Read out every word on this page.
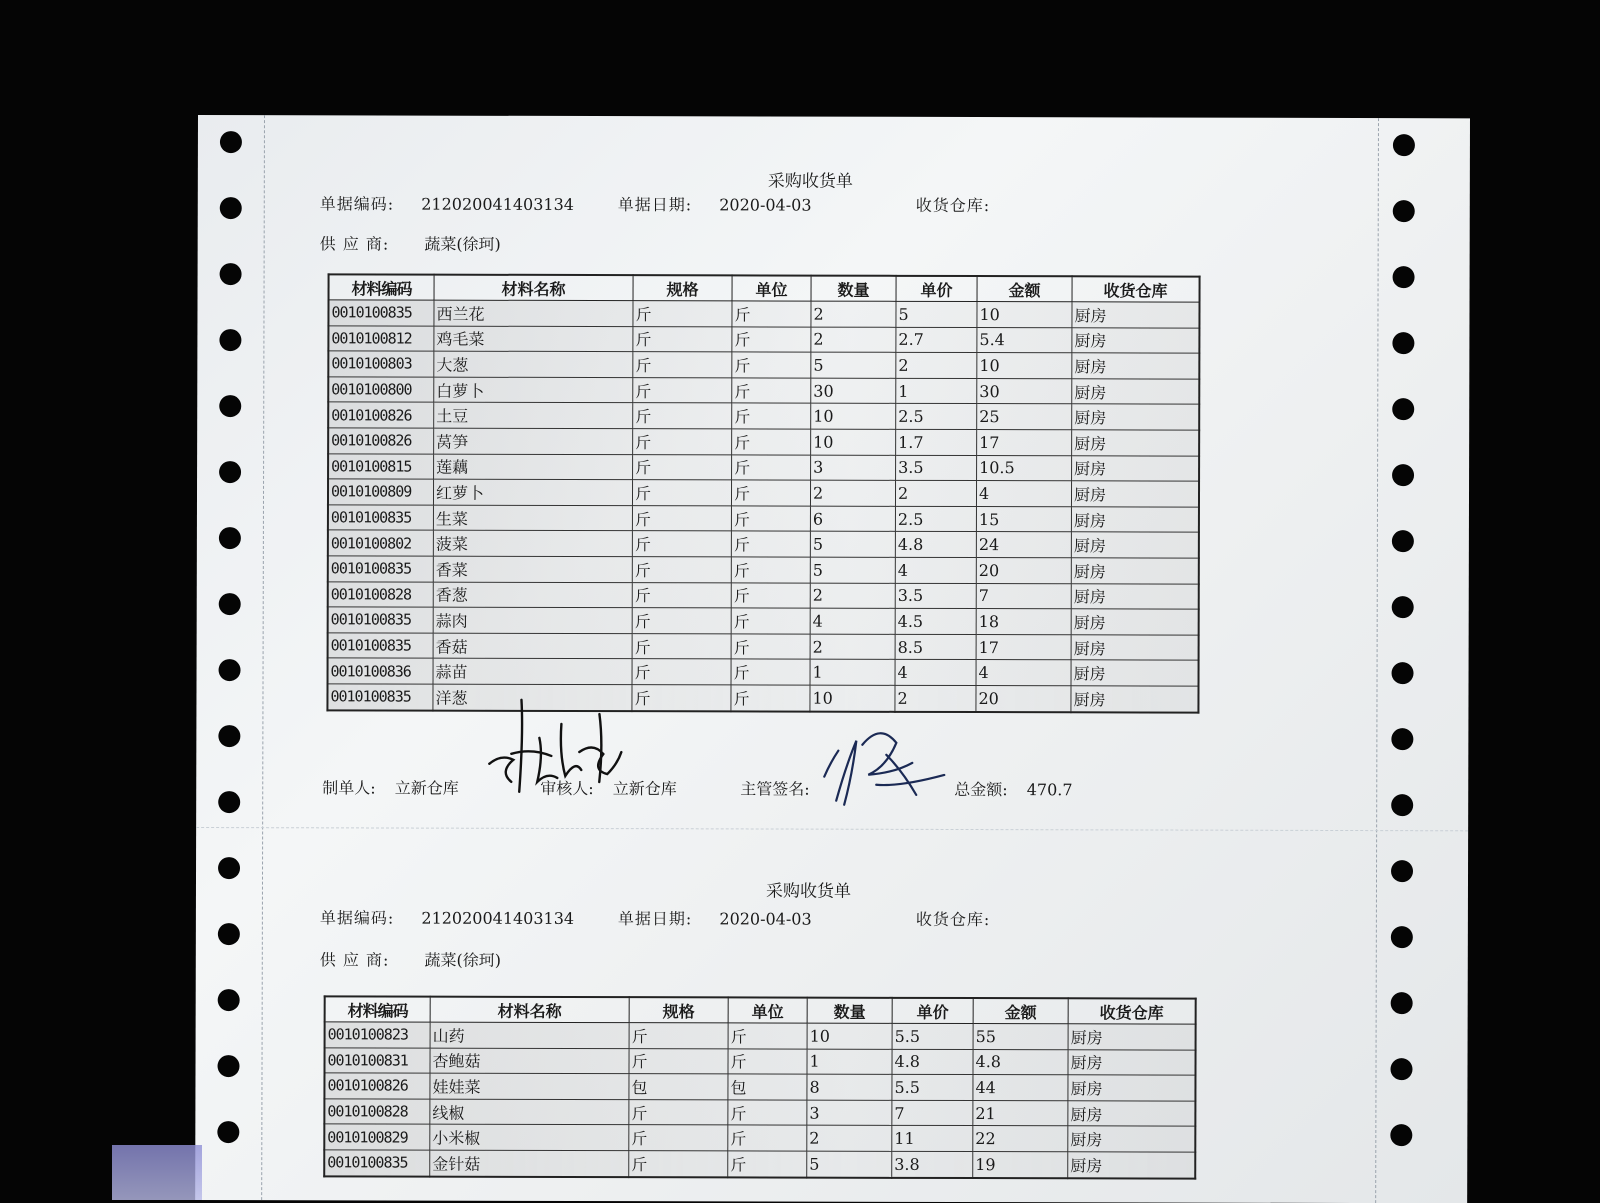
采购收货单
单据编码: 212020041403134	单据日期: 2020-04-03	收货仓库:
供 应 商: 蔬菜(徐珂)
材料编码	材料名称	规格	单位	数量	单价	金额	收货仓库
0010100835	西兰花	斤	斤	2	5	10	厨房
0010100812	鸡毛菜	斤	斤	2	2.7	5.4	厨房
0010100803	大葱	斤	斤	5	2	10	厨房
0010100800	白萝卜	斤	斤	30	1	30	厨房
0010100826	土豆	斤	斤	10	2.5	25	厨房
0010100826	莴笋	斤	斤	10	1.7	17	厨房
0010100815	莲藕	斤	斤	3	3.5	10.5	厨房
0010100809	红萝卜	斤	斤	2	2	4	厨房
0010100835	生菜	斤	斤	6	2.5	15	厨房
0010100802	菠菜	斤	斤	5	4.8	24	厨房
0010100835	香菜	斤	斤	5	4	20	厨房
0010100828	香葱	斤	斤	2	3.5	7	厨房
0010100835	蒜肉	斤	斤	4	4.5	18	厨房
0010100835	香菇	斤	斤	2	8.5	17	厨房
0010100836	蒜苗	斤	斤	1	4	4	厨房
0010100835	洋葱	斤	斤	10	2	20	厨房
制单人: 立新仓库	审核人: 立新仓库	主管签名:	总金额: 470.7
采购收货单
单据编码: 212020041403134	单据日期: 2020-04-03	收货仓库:
供 应 商: 蔬菜(徐珂)
材料编码	材料名称	规格	单位	数量	单价	金额	收货仓库
0010100823	山药	斤	斤	10	5.5	55	厨房
0010100831	杏鲍菇	斤	斤	1	4.8	4.8	厨房
0010100826	娃娃菜	包	包	8	5.5	44	厨房
0010100828	线椒	斤	斤	3	7	21	厨房
0010100829	小米椒	斤	斤	2	11	22	厨房
0010100835	金针菇	斤	斤	5	3.8	19	厨房
